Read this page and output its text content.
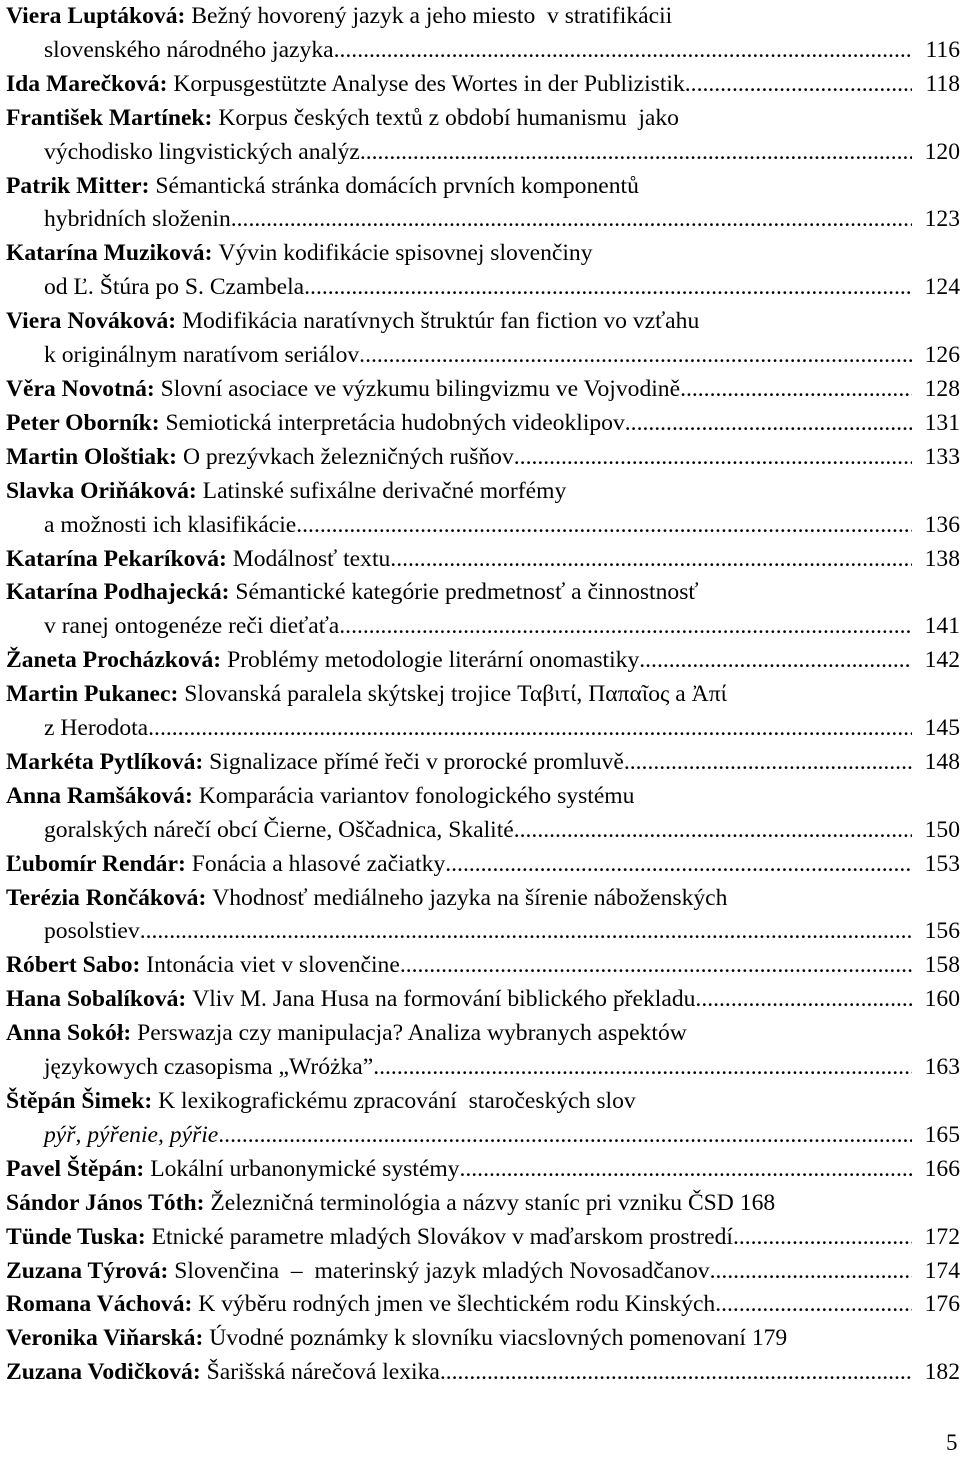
Viera Luptáková:
Bežný hovorený jazyk a jeho miesto  v stratifikácii
slovenského národného jazyka .....	116
Ida Marečková:
Korpusgestützte Analyse des Wortes in der Publizistik .....	118
František Martínek:
Korpus českých textů z období humanismu  jako
východisko lingvistických analýz .....	120
Patrik Mitter:
Sémantická stránka domácích prvních komponentů
hybridních složenin .....	123
Katarína Muziková:
Vývin kodifikácie spisovnej slovenčiny
od Ľ. Štúra po S. Czambela .....	124
Viera Nováková:
Modifikácia naratívnych štruktúr fan fiction vo vzťahu
k originálnym naratívom seriálov .....	126
Věra Novotná:
Slovní asociace ve výzkumu bilingvizmu ve Vojvodině .....	128
Peter Oborník:
Semiotická interpretácia hudobných videoklipov .....	131
Martin Ološtiak:
O prezývkach železničných rušňov .....	133
Slavka Oriňáková:
Latinské sufixálne derivačné morfémy
a možnosti ich klasifikácie .....	136
Katarína Pekaríková:
Modálnosť textu .....	138
Katarína Podhajecká:
Sémantické kategórie predmetnosť a činnostnosť
v ranej ontogenéze reči dieťaťa .....	141
Žaneta Procházková:
Problémy metodologie literární onomastiky .....	142
Martin Pukanec:
Slovanská paralela skýtskej trojice Ταβιτί, Παπαῖος a Ἀπί
z Herodota .....	145
Markéta Pytlíková:
Signalizace přímé řeči v prorocké promluvě .....	148
Anna Ramšáková:
Komparácia variantov fonologického systému
goralských nárečí obcí Čierne, Oščadnica, Skalité .....	150
Ľubomír Rendár:
Fonácia a hlasové začiatky .....	153
Terézia Rončáková:
Vhodnosť mediálneho jazyka na šírenie náboženských
posolstiev .....	156
Róbert Sabo:
Intonácia viet v slovenčine .....	158
Hana Sobalíková:
Vliv M. Jana Husa na formování biblického překladu .....	160
Anna Sokół:
Perswazja czy manipulacja? Analiza wybranych aspektów
językowych czasopisma „Wróżka” .....	163
Štěpán Šimek:
K lexikografickému zpracování  staročeských slov
pýř, pýřenie, pýřie .....	165
Pavel Štěpán:
Lokální urbanonymické systémy .....	166
Sándor János Tóth:
Železničná terminológia a názvy staníc pri vzniku ČSD
168
Tünde Tuska:
Etnické parametre mladých Slovákov v maďarskom prostredí.. .....	172
Zuzana Týrová:
Slovenčina  –  materinský jazyk mladých Novosadčanov .....	174
Romana Váchová:
K výběru rodných jmen ve šlechtickém rodu Kinských .....	176
Veronika Viňarská:
Úvodné poznámky k slovníku viacslovných pomenovaní
179
Zuzana Vodičková:
Šarišská nárečová lexika .....	182
5
